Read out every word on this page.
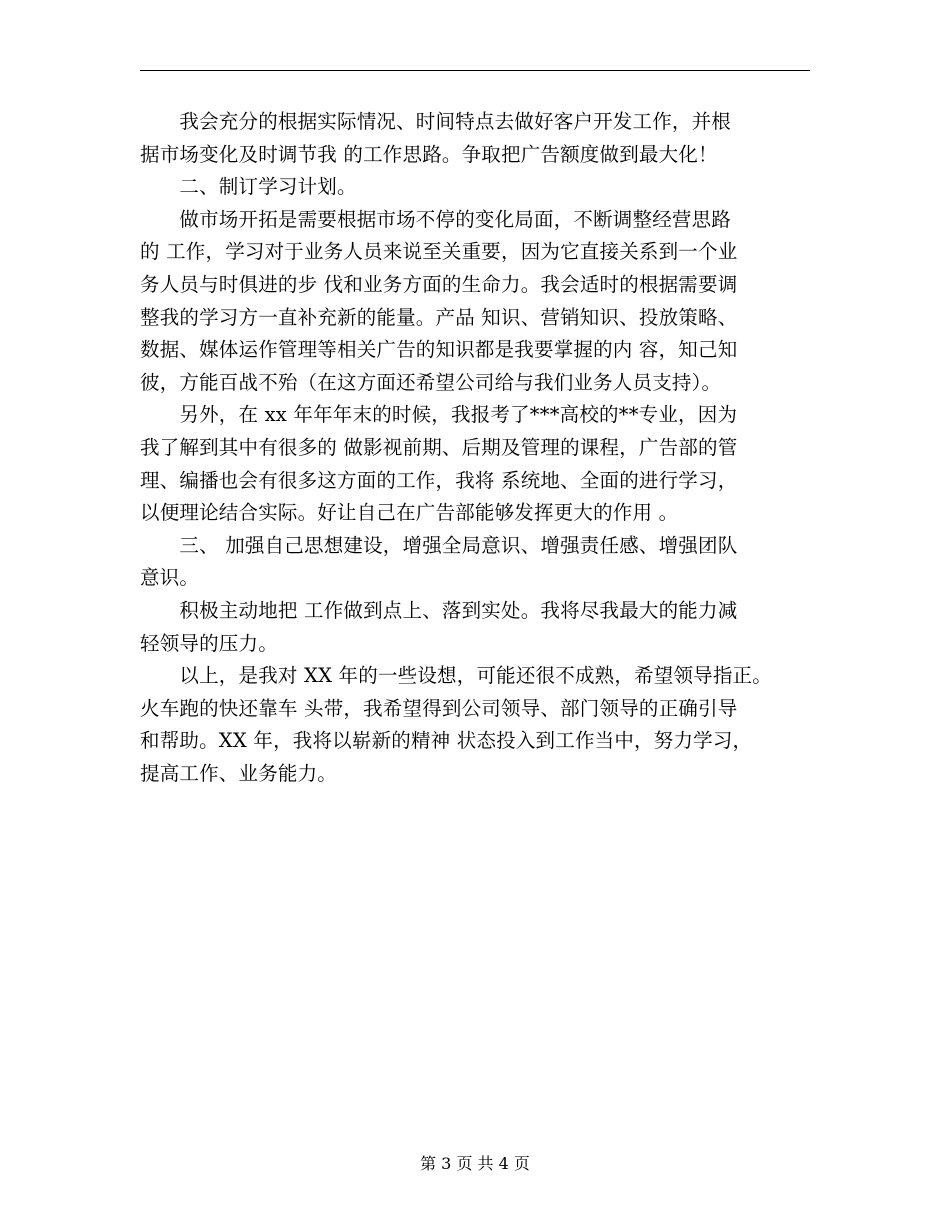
　　我会充分的根据实际情况、时间特点去做好客户开发工作，并根
据市场变化及时调节我 的工作思路。争取把广告额度做到最大化！
　　二、制订学习计划。
　　做市场开拓是需要根据市场不停的变化局面，不断调整经营思路
的 工作，学习对于业务人员来说至关重要，因为它直接关系到一个业
务人员与时俱进的步 伐和业务方面的生命力。我会适时的根据需要调
整我的学习方一直补充新的能量。产品 知识、营销知识、投放策略、
数据、媒体运作管理等相关广告的知识都是我要掌握的内 容，知己知
彼，方能百战不殆（在这方面还希望公司给与我们业务人员支持）。
　　另外，在 xx 年年年末的时候，我报考了***高校的**专业，因为
我了解到其中有很多的 做影视前期、后期及管理的课程，广告部的管
理、编播也会有很多这方面的工作，我将 系统地、全面的进行学习，
以便理论结合实际。好让自己在广告部能够发挥更大的作用 。
　　三、 加强自己思想建设，增强全局意识、增强责任感、增强团队
意识。
　　积极主动地把 工作做到点上、落到实处。我将尽我最大的能力减
轻领导的压力。
　　以上，是我对 XX 年的一些设想，可能还很不成熟，希望领导指正。
火车跑的快还靠车 头带，我希望得到公司领导、部门领导的正确引导
和帮助。XX 年，我将以崭新的精神 状态投入到工作当中，努力学习，
提高工作、业务能力。
第 3 页 共 4 页
